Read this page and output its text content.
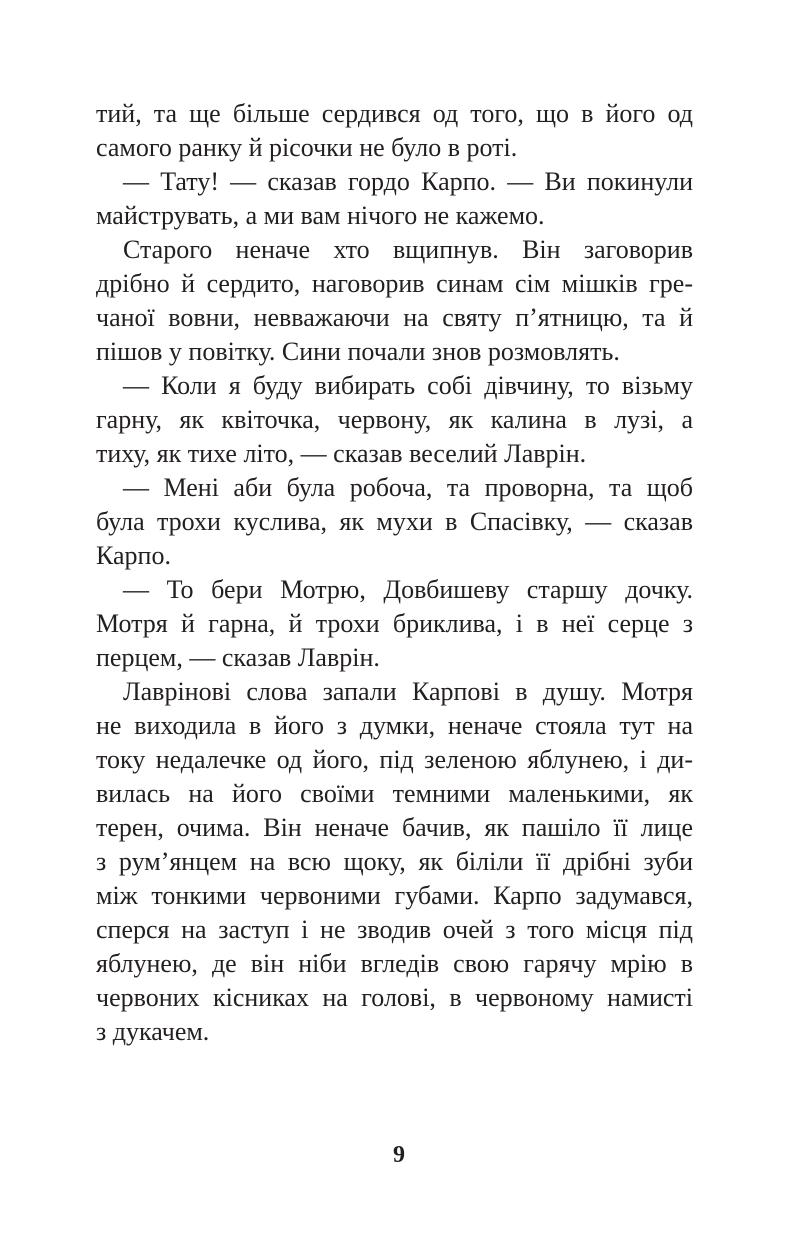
тий, та ще більше сердився од того, що в його од
самого ранку й рісочки не було в роті.
— Тату! — сказав гордо Карпо. — Ви покинули
майструвать, а ми вам нічого не кажемо.
Старого неначе хто вщипнув. Він заговорив
дрібно й сердито, наговорив синам сім мішків гре-
чаної вовни, невважаючи на святу п’ятницю, та й
пішов у повітку. Сини почали знов розмовлять.
— Коли я буду вибирать собі дівчину, то візьму
гарну, як квіточка, червону, як калина в лузі, а
тиху, як тихе літо, — сказав веселий Лаврін.
— Мені аби була робоча, та проворна, та щоб
була трохи куслива, як мухи в Спасівку, — сказав
Карпо.
— То бери Мотрю, Довбишеву старшу дочку.
Мотря й гарна, й трохи бриклива, і в неї серце з
перцем, — сказав Лаврін.
Лаврінові слова запали Карпові в душу. Мотря
не виходила в його з думки, неначе стояла тут на
току недалечке од його, під зеленою яблунею, і ди-
вилась на його своїми темними маленькими, як
терен, очима. Він неначе бачив, як пашіло її лице
з рум’янцем на всю щоку, як біліли її дрібні зуби
між тонкими червоними губами. Карпо задумався,
сперся на заступ і не зводив очей з того місця під
яблунею, де він ніби вгледів свою гарячу мрію в
червоних кісниках на голові, в червоному намисті
з дукачем.
9
